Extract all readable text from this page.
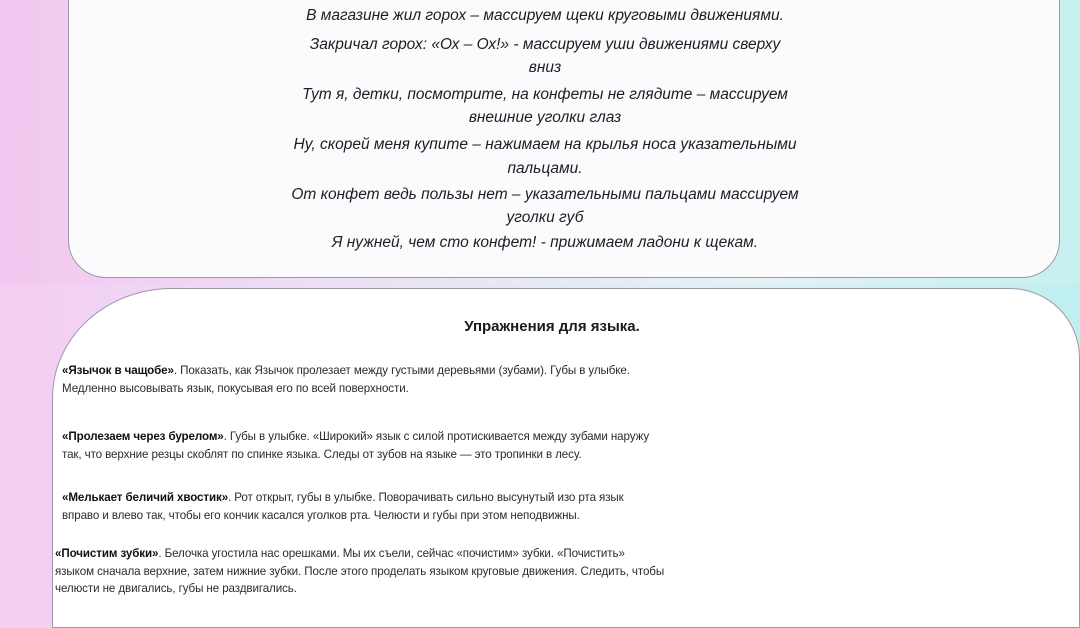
В магазине жил горох – массируем щеки круговыми движениями.
Закричал горох: «Ох – Ох!» - массируем уши движениями сверху
вниз
Тут я, детки, посмотрите, на конфеты не глядите – массируем
внешние уголки глаз
Ну, скорей меня купите – нажимаем на крылья носа указательными
пальцами.
От конфет ведь пользы нет – указательными пальцами массируем
уголки губ
Я нужней, чем сто конфет! - прижимаем ладони к щекам.
Упражнения для языка.
«Язычок в чащобе». Показать, как Язычок пролезает между густыми деревьями (зубами). Губы в улыбке.
Медленно высовывать язык, покусывая его по всей поверхности.
«Пролезаем через бурелом». Губы в улыбке. «Широкий» язык с силой протискивается между зубами наружу
так, что верхние резцы скоблят по спинке языка. Следы от зубов на языке — это тропинки в лесу.
«Мелькает беличий хвостик». Рот открыт, губы в улыбке. Поворачивать сильно высунутый изо рта язык
вправо и влево так, чтобы его кончик касался уголков рта. Челюсти и губы при этом неподвижны.
«Почистим зубки». Белочка угостила нас орешками. Мы их съели, сейчас «почистим» зубки. «Почистить»
языком сначала верхние, затем нижние зубки. После этого проделать языком круговые движения. Следить, чтобы
челюсти не двигались, губы не раздвигались.
